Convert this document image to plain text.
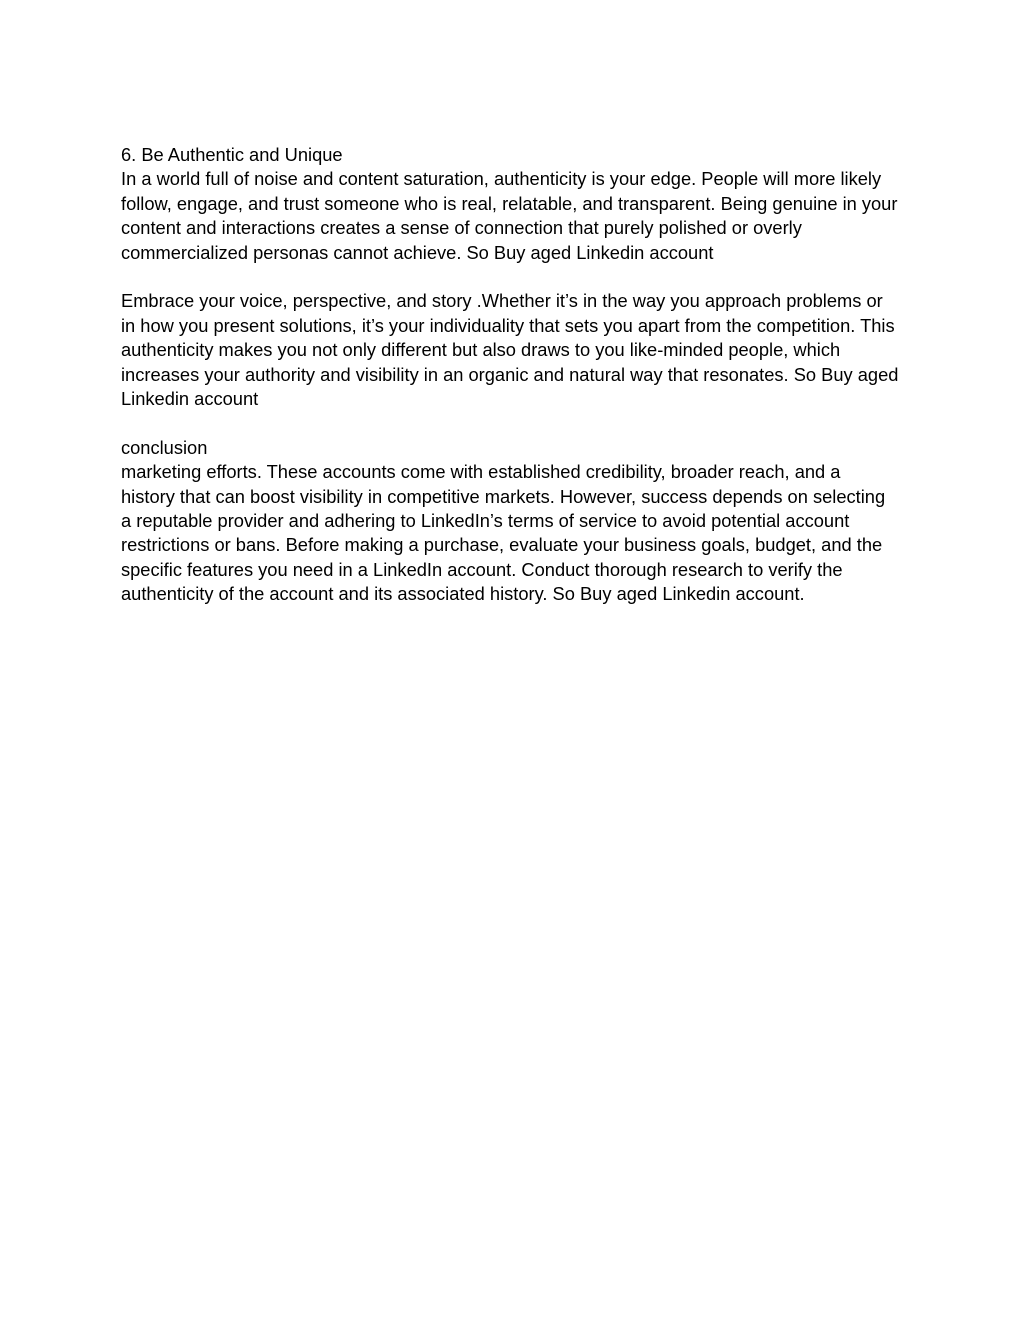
6. Be Authentic and Unique

In a world full of noise and content saturation, authenticity is your edge. People will more likely

follow, engage, and trust someone who is real, relatable, and transparent. Being genuine in your

content and interactions creates a sense of connection that purely polished or overly

commercialized personas cannot achieve. So Buy aged Linkedin account

Embrace your voice, perspective, and story .Whether it’s in the way you approach problems or

in how you present solutions, it’s your individuality that sets you apart from the competition. This

authenticity makes you not only different but also draws to you like-minded people, which

increases your authority and visibility in an organic and natural way that resonates. So Buy aged

Linkedin account

conclusion

marketing efforts. These accounts come with established credibility, broader reach, and a

history that can boost visibility in competitive markets. However, success depends on selecting

a reputable provider and adhering to LinkedIn’s terms of service to avoid potential account

restrictions or bans. Before making a purchase, evaluate your business goals, budget, and the

specific features you need in a LinkedIn account. Conduct thorough research to verify the

authenticity of the account and its associated history. So Buy aged Linkedin account.
